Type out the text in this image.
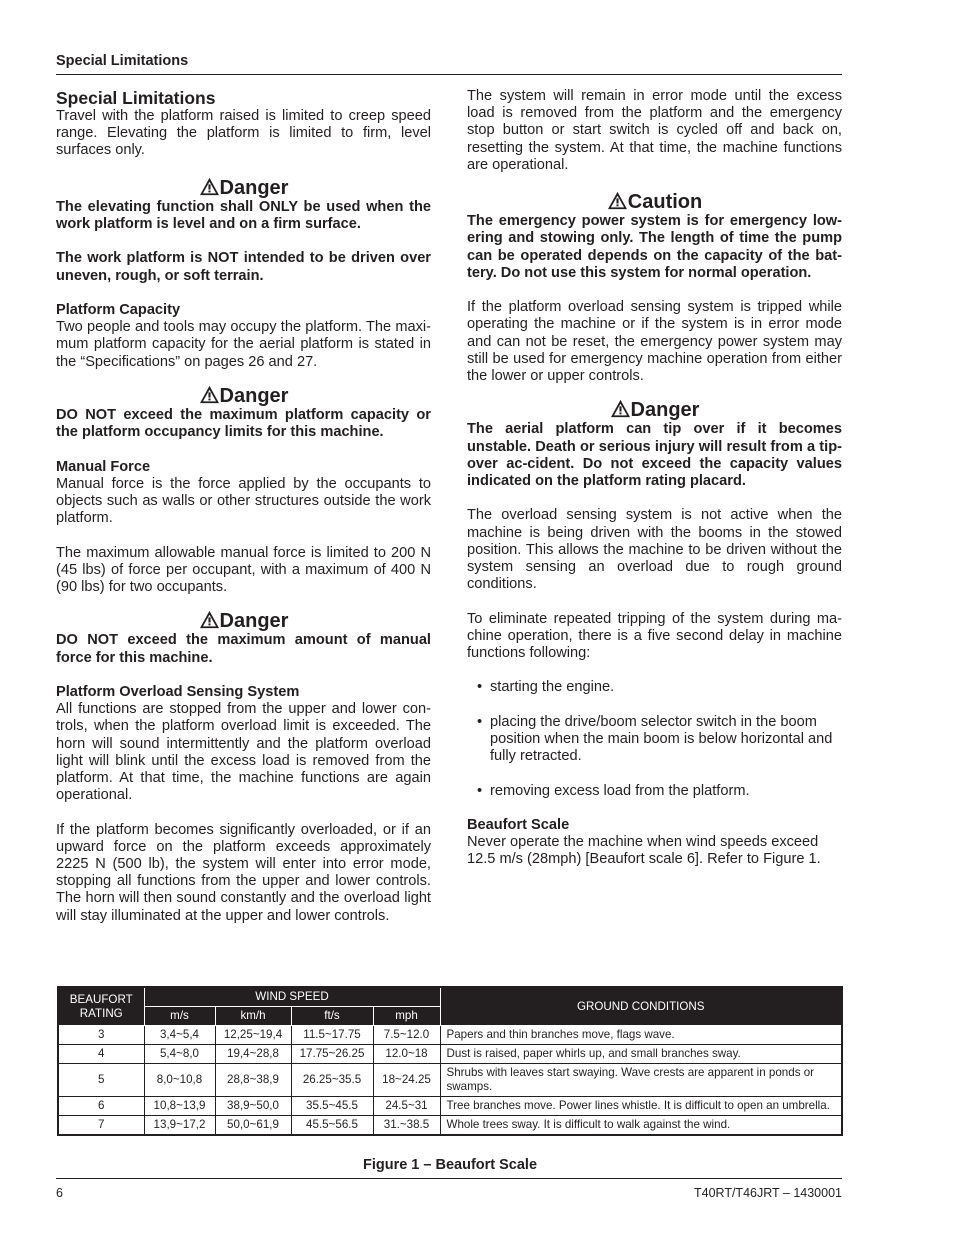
Special Limitations
Special Limitations

Travel with the platform raised is limited to creep speed range. Elevating the platform is limited to firm, level surfaces only.

Danger

The elevating function shall ONLY be used when the work platform is level and on a firm surface.

The work platform is NOT intended to be driven over uneven, rough, or soft terrain.

Platform Capacity

Two people and tools may occupy the platform. The maxi-mum platform capacity for the aerial platform is stated in the “Specifications” on pages 26 and 27.

Danger

DO NOT exceed the maximum platform capacity or the platform occupancy limits for this machine.

Manual Force

Manual force is the force applied by the occupants to objects such as walls or other structures outside the work platform.

The maximum allowable manual force is limited to 200 N (45 lbs) of force per occupant, with a maximum of 400 N (90 lbs) for two occupants.

Danger

DO NOT exceed the maximum amount of manual force for this machine.

Platform Overload Sensing System

All functions are stopped from the upper and lower con-trols, when the platform overload limit is exceeded. The horn will sound intermittently and the platform overload light will blink until the excess load is removed from the platform. At that time, the machine functions are again operational.

If the platform becomes significantly overloaded, or if an upward force on the platform exceeds approximately 2225 N (500 lb), the system will enter into error mode, stopping all functions from the upper and lower controls. The horn will then sound constantly and the overload light will stay illuminated at the upper and lower controls.

The system will remain in error mode until the excess load is removed from the platform and the emergency stop button or start switch is cycled off and back on, resetting the system. At that time, the machine functions are operational.

Caution

The emergency power system is for emergency low-ering and stowing only. The length of time the pump can be operated depends on the capacity of the bat-tery. Do not use this system for normal operation.

If the platform overload sensing system is tripped while operating the machine or if the system is in error mode and can not be reset, the emergency power system may still be used for emergency machine operation from either the lower or upper controls.

Danger

The aerial platform can tip over if it becomes unstable. Death or serious injury will result from a tip-over ac-cident. Do not exceed the capacity values indicated on the platform rating placard.

The overload sensing system is not active when the machine is being driven with the booms in the stowed position. This allows the machine to be driven without the system sensing an overload due to rough ground conditions.

To eliminate repeated tripping of the system during ma-chine operation, there is a five second delay in machine functions following:

• starting the engine.
• placing the drive/boom selector switch in the boom position when the main boom is below horizontal and fully retracted.
• removing excess load from the platform.
Beaufort Scale

Never operate the machine when wind speeds exceed 12.5 m/s (28mph) [Beaufort scale 6]. Refer to Figure 1.

BEAUFORT RATING	WIND SPEED				GROUND CONDITIONS
	m/s	km/h	ft/s	mph	
3	3,4~5,4	12,25~19,4	11.5~17.75	7.5~12.0	Papers and thin branches move, flags wave.
4	5,4~8,0	19,4~28,8	17.75~26.25	12.0~18	Dust is raised, paper whirls up, and small branches sway.
5	8,0~10,8	28,8~38,9	26.25~35.5	18~24.25	Shrubs with leaves start swaying. Wave crests are apparent in ponds or swamps.
6	10,8~13,9	38,9~50,0	35.5~45.5	24.5~31	Tree branches move. Power lines whistle. It is difficult to open an umbrella.
7	13,9~17,2	50,0~61,9	45.5~56.5	31.~38.5	Whole trees sway. It is difficult to walk against the wind.
Figure 1 – Beaufort Scale
6	T40RT/T46JRT – 1430001
